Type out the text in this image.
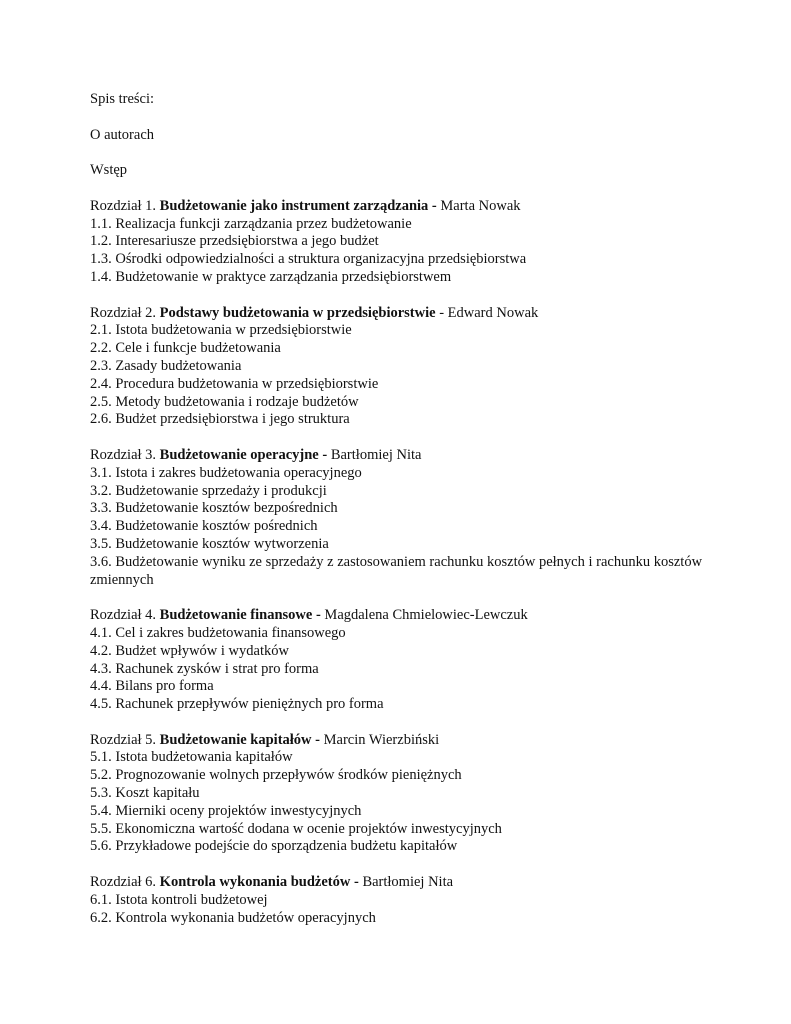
Spis treści:
O autorach
Wstęp
Rozdział 1. Budżetowanie jako instrument zarządzania - Marta Nowak
1.1. Realizacja funkcji zarządzania przez budżetowanie
1.2. Interesariusze przedsiębiorstwa a jego budżet
1.3. Ośrodki odpowiedzialności a struktura organizacyjna przedsiębiorstwa
1.4. Budżetowanie w praktyce zarządzania przedsiębiorstwem
Rozdział 2. Podstawy budżetowania w przedsiębiorstwie - Edward Nowak
2.1. Istota budżetowania w przedsiębiorstwie
2.2. Cele i funkcje budżetowania
2.3. Zasady budżetowania
2.4. Procedura budżetowania w przedsiębiorstwie
2.5. Metody budżetowania i rodzaje budżetów
2.6. Budżet przedsiębiorstwa i jego struktura
Rozdział 3. Budżetowanie operacyjne - Bartłomiej Nita
3.1. Istota i zakres budżetowania operacyjnego
3.2. Budżetowanie sprzedaży i produkcji
3.3. Budżetowanie kosztów bezpośrednich
3.4. Budżetowanie kosztów pośrednich
3.5. Budżetowanie kosztów wytworzenia
3.6. Budżetowanie wyniku ze sprzedaży z zastosowaniem rachunku kosztów pełnych i rachunku kosztów zmiennych
Rozdział 4. Budżetowanie finansowe - Magdalena Chmielowiec-Lewczuk
4.1. Cel i zakres budżetowania finansowego
4.2. Budżet wpływów i wydatków
4.3. Rachunek zysków i strat pro forma
4.4. Bilans pro forma
4.5. Rachunek przepływów pieniężnych pro forma
Rozdział 5. Budżetowanie kapitałów - Marcin Wierzbiński
5.1. Istota budżetowania kapitałów
5.2. Prognozowanie wolnych przepływów środków pieniężnych
5.3. Koszt kapitału
5.4. Mierniki oceny projektów inwestycyjnych
5.5. Ekonomiczna wartość dodana w ocenie projektów inwestycyjnych
5.6. Przykładowe podejście do sporządzenia budżetu kapitałów
Rozdział 6. Kontrola wykonania budżetów - Bartłomiej Nita
6.1. Istota kontroli budżetowej
6.2. Kontrola wykonania budżetów operacyjnych
